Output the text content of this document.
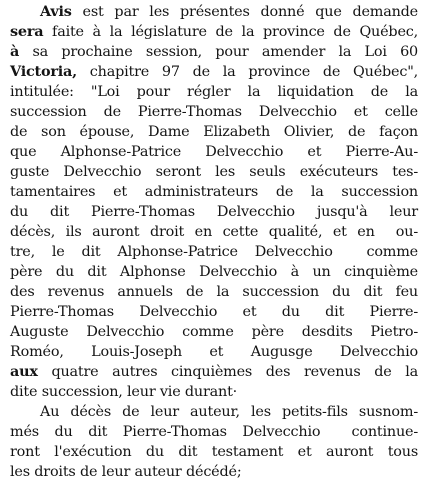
Avis est par les présentes donné que demande
sera faite à la législature de la province de Québec,
à sa prochaine session, pour amender la Loi 60
Victoria, chapitre 97 de la province de Québec",
intitulée: "Loi pour régler la liquidation de la
succession de Pierre-Thomas Delvecchio et celle
de son épouse, Dame Elizabeth Olivier, de façon
que Alphonse-Patrice Delvecchio et Pierre-Au-
guste Delvecchio seront les seuls exécuteurs tes-
tamentaires et administrateurs de la succession
du dit Pierre-Thomas Delvecchio jusqu'à leur
décès, ils auront droit en cette qualité, et en  ou-
tre, le dit Alphonse-Patrice Delvecchio  comme
père du dit Alphonse Delvecchio à un cinquième
des revenus annuels de la succession du dit feu
Pierre-Thomas Delvecchio et du dit Pierre-
Auguste Delvecchio comme père desdits Pietro-
Roméo, Louis-Joseph et Augusge Delvecchio
aux quatre autres cinquièmes des revenus de la
dite succession, leur vie durant·
Au décès de leur auteur, les petits-fils susnom-
més du dit Pierre-Thomas Delvecchio  continue-
ront l'exécution du dit testament et auront tous
les droits de leur auteur décédé;
